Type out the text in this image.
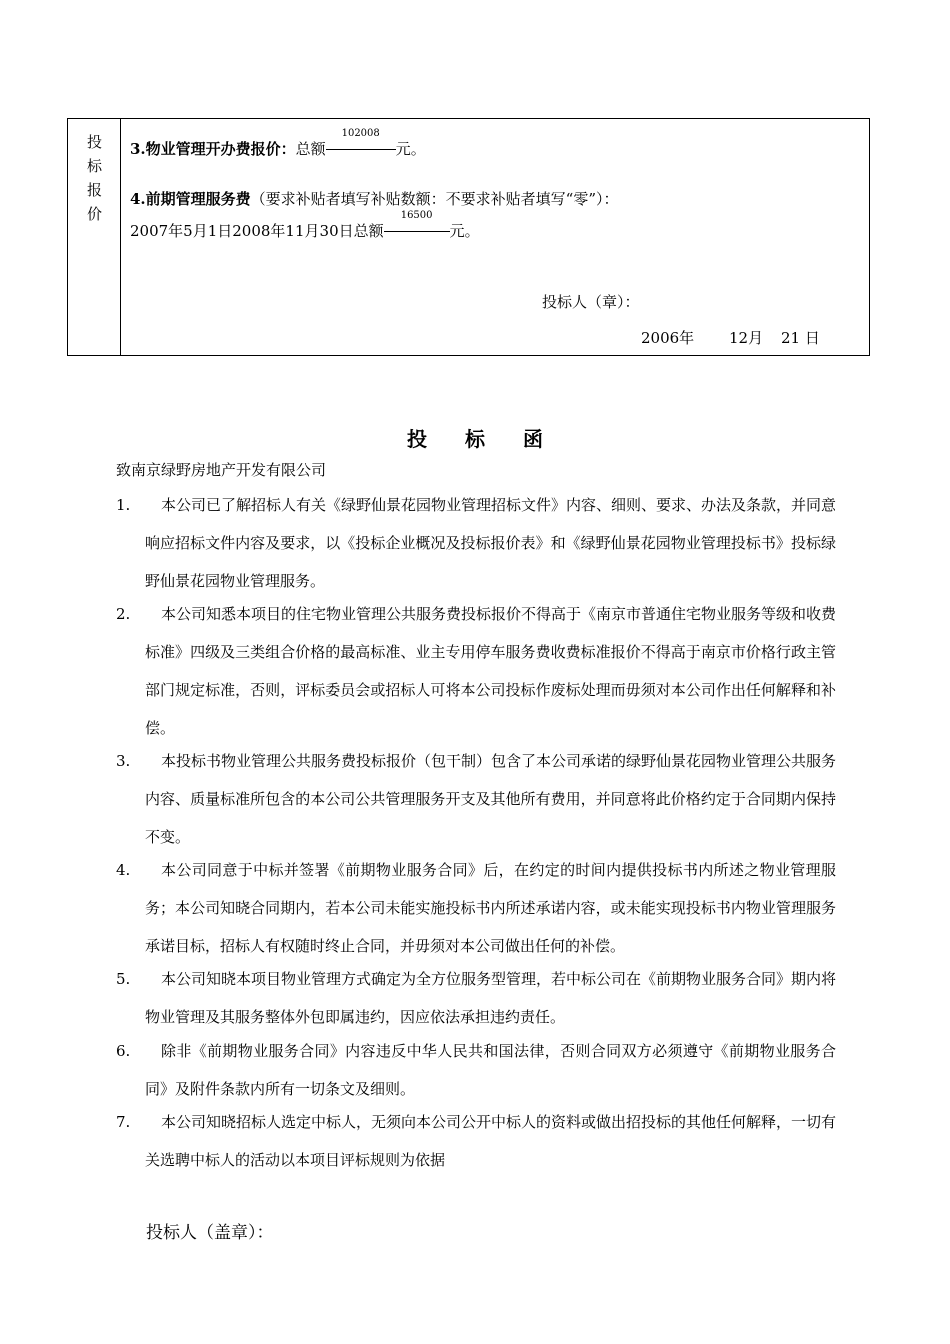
投
标
报
价
3.物业管理开办费报价：总额
102008
元。
4.前期管理服务费（要求补贴者填写补贴数额：不要求补贴者填写“零”）：
2007年5月1日2008年11月30日总额
16500
元。
投标人（章）：
2006年 12月 21 日
投标函
致南京绿野房地产开发有限公司
1.	本公司已了解招标人有关《绿野仙景花园物业管理招标文件》内容、细则、要求、办法及条款，并同意响应招标文件内容及要求，以《投标企业概况及投标报价表》和《绿野仙景花园物业管理投标书》投标绿野仙景花园物业管理服务。
2.	本公司知悉本项目的住宅物业管理公共服务费投标报价不得高于《南京市普通住宅物业服务等级和收费标准》四级及三类组合价格的最高标准、业主专用停车服务费收费标准报价不得高于南京市价格行政主管部门规定标准，否则，评标委员会或招标人可将本公司投标作废标处理而毋须对本公司作出任何解释和补偿。
3.	本投标书物业管理公共服务费投标报价（包干制）包含了本公司承诺的绿野仙景花园物业管理公共服务内容、质量标准所包含的本公司公共管理服务开支及其他所有费用，并同意将此价格约定于合同期内保持不变。
4.	本公司同意于中标并签署《前期物业服务合同》后，在约定的时间内提供投标书内所述之物业管理服务；本公司知晓合同期内，若本公司未能实施投标书内所述承诺内容，或未能实现投标书内物业管理服务承诺目标，招标人有权随时终止合同，并毋须对本公司做出任何的补偿。
5.	本公司知晓本项目物业管理方式确定为全方位服务型管理，若中标公司在《前期物业服务合同》期内将物业管理及其服务整体外包即属违约，因应依法承担违约责任。
6.	除非《前期物业服务合同》内容违反中华人民共和国法律，否则合同双方必须遵守《前期物业服务合同》及附件条款内所有一切条文及细则。
7.	本公司知晓招标人选定中标人，无须向本公司公开中标人的资料或做出招投标的其他任何解释，一切有关选聘中标人的活动以本项目评标规则为依据
投标人（盖章）：
